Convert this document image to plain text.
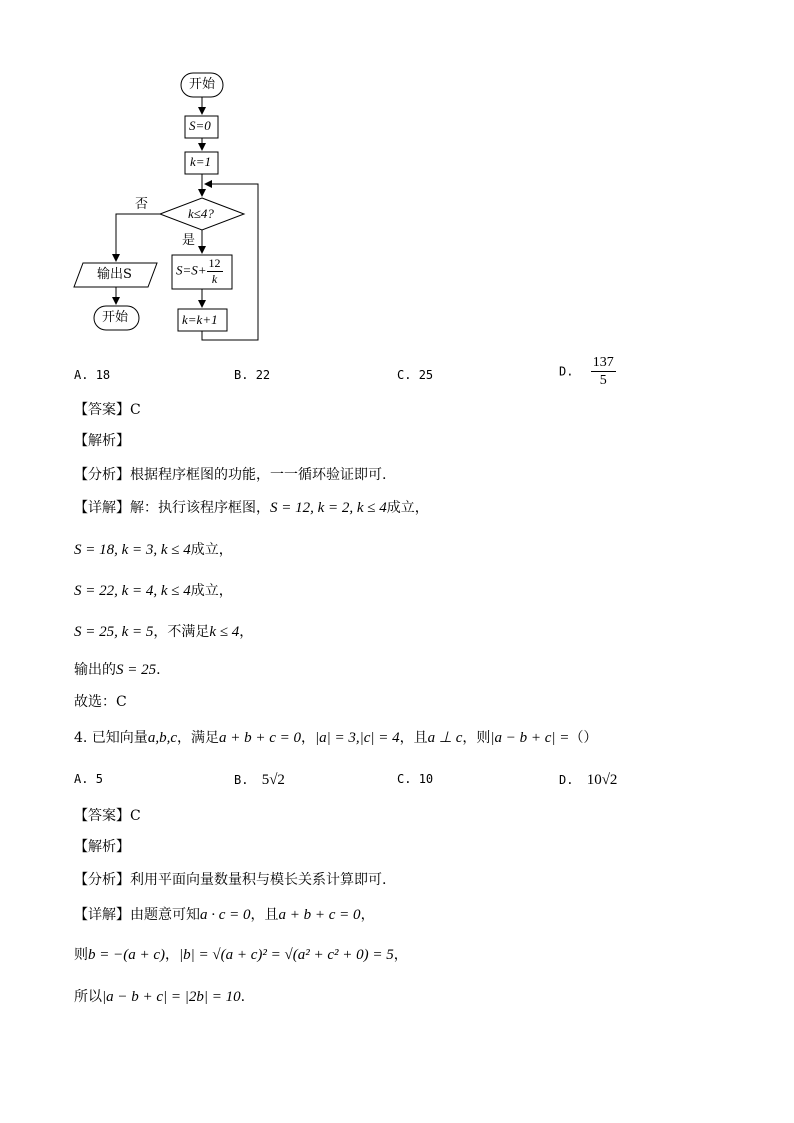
开始
S=0
k=1
k≤4?
否
是
$S=S+ \frac{12}{k}$
k=k+1
输出S
开始
A. 18	B. 22	C. 25	D. $\frac{137}{5}$
【答案】C
【解析】
【分析】根据程序框图的功能，一一循环验证即可.
【详解】解：执行该程序框图，S = 12, k = 2, k ≤ 4成立，
S = 18, k = 3, k ≤ 4成立，
S = 22, k = 4, k ≤ 4成立，
S = 25, k = 5，不满足k ≤ 4，
输出的S = 25.
故选：C
4. 已知向量a,b,c，满足a + b + c = 0，|a| = 3,|c| = 4，且a ⊥ c，则|a − b + c| =（）
A. 5	B. 5√2	C. 10	D. 10√2
【答案】C
【解析】
【分析】利用平面向量数量积与模长关系计算即可.
【详解】由题意可知a · c = 0，且a + b + c = 0，
则b = −(a + c)，|b| = √(a + c)² = √(a² + c² + 0) = 5，
所以|a − b + c| = |2b| = 10.
